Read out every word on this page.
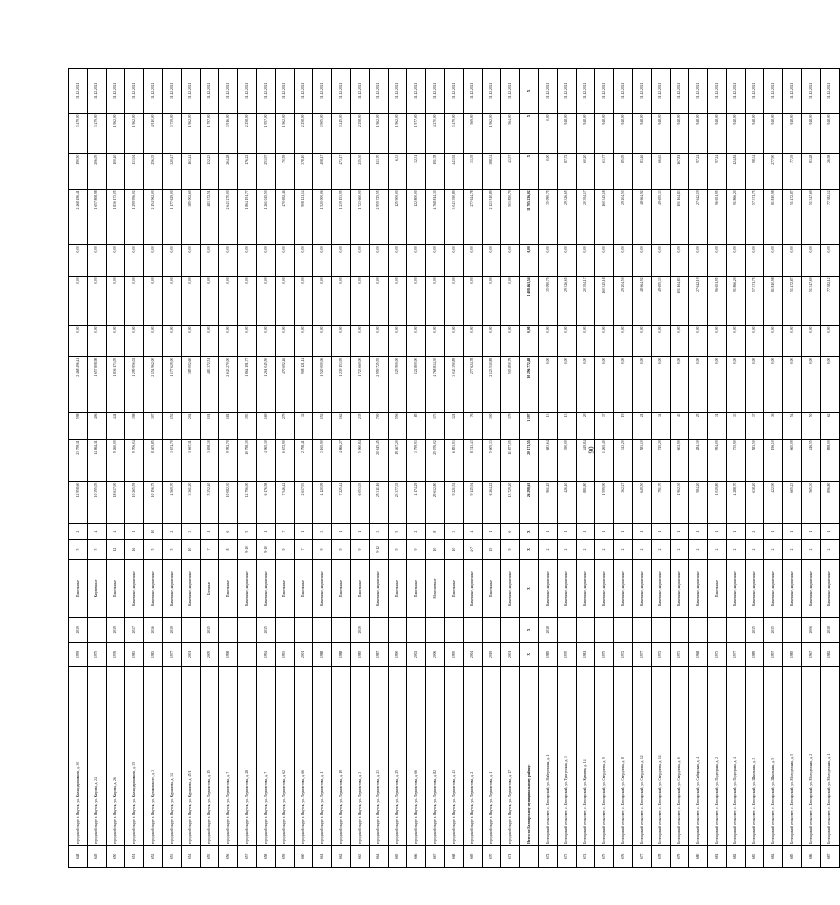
648	городской округ г. Якутск, ул. Каландаришвили, д. 30	1959	2019	Панельные	5	2	12 958,60	23 799,11	598	2 468 496,41	0,00	0,00	0,00	2 468 496,41	190,50	3 479,00	31.12.2021
649	городской округ г. Якутск, ул. Кирова, д. 24	1975		Кирпичные	5	4	10 395,05	14 864,11	406	1 657 808,98	0,00	0,00	0,00	1 657 808,98	206,05	3 479,00	31.12.2021
650	городской округ г. Якутск, ул. Кирова, д. 26	1976	2019	Панельные	12	4	18 617,00	9 260,00	441	1 836 173,05	0,00	0,00	0,00	1 836 173,05	100,40	1 962,00	31.12.2021
651	городской округ г. Якутск, ул. Каландаришвили, д. 35	1983	2017	Каменные, кирпичные	16	1	10 265,59	9 706,04	398	1 299 956,02	0,00	0,00	0,00	1 299 956,02	133,94	1 962,00	31.12.2021
652	городской округ г. Якутск, ул. Кулаковского, д. 3	1983	2016	Каменные, кирпичные	5	10	10 156,75	8 405,85	307	2 154 962,00	0,00	0,00	0,00	2 154 962,00	256,35	4 910,00	31.12.2021
653	городской округ г. Якутск, ул. Курашова, д. 34	1977	2019	Каменные, кирпичные	5	2	4 569,70	3 674,70	152	1 177 629,00	0,00	0,00	0,00	1 177 629,00	320,47	3 739,00	31.12.2021
654	городской округ г. Якутск, ул. Курашова, д. 45/1	2001		Каменные, кирпичные	10	3	3 361,20	1 667,11	204	385 002,60	0,00	0,00	0,00	385 002,60	163,44	1 962,00	31.12.2021
655	городской округ г. Якутск, ул. Лермонтова, д. 15	2005	2015	Блочные	7	1	5 352,40	3 658,30	101	483 372,51	0,00	0,00	0,00	483 372,51	132,23	1 797,00	31.12.2021
656	городской округ г. Якутск, ул. Лермонтова, д. 7	1998		Панельные	8	6	10 082,30	9 992,70	181	2 643 270,00	0,00	0,00	0,00	2 643 270,00	264,28	3 916,00	31.12.2021
657	городской округ г. Якутск, ул. Лермонтова, д. 28			Каменные, кирпичные	9-10	5	12 796,00	10 798,30	393	1 864 191,77	0,00	0,00	0,00	1 864 191,77	176,22	2 258,00	31.12.2021
658	городской округ г. Якутск, ул. Лермонтова, д. 7	1994	2015	Каменные, кирпичные	9-10	1	6 176,58	4 965,30	169	1 261 045,50	0,00	0,00	0,00	1 261 045,50	253,97	1 957,00	31.12.2021
659	городской округ г. Якутск, ул. Лермонтова, д. 62	1993		Панельные	9	7	7 546,42	6 672,90	279	470 692,46	0,00	0,00	0,00	470 692,46	70,59	1 962,00	31.12.2021
660	городской округ г. Якутск, ул. Лермонтова, д. 66	2001		Панельные	7	1	2 617,93	2 798,41	32	908 121,14	0,00	0,00	0,00	908 121,14	378,10	2 258,00	31.12.2021
661	городской округ г. Якутск, ул. Лермонтова, д. 1	1988		Каменные, кирпичные	9	3	4 120,99	3 165,90	152	1 520 000,06	0,00	0,00	0,00	1 520 000,06	408,17	3 905,00	31.12.2021
662	городской округ г. Якутск, ул. Лермонтова, д. 19	1988		Панельные	9	1	7 225,44	4 866,27	162	1 239 153,95	0,00	0,00	0,00	1 239 153,95	473,17	3 245,00	31.12.2021
663	городской округ г. Якутск, ул. Лермонтова, д. 3	1985	2019	Панельные	9	1	6 053,03	5 060,84	235	1 723 660,00	0,00	0,00	0,00	1 723 660,00	215,30	2 258,00	31.12.2021
664	городской округ г. Якутск, ул. Лермонтова, д. 23	1987		Каменные, кирпичные	5-12	3	25 311,16	20 615,45	700	2 959 725,55	0,00	0,00	0,00	2 959 725,55	113,70	1 962,00	31.12.2021
665	городской округ г. Якутск, ул. Лермонтова, д. 25	1990		Панельные	9	5	23 377,35	19 467,20	556	125 900,00	0,00	0,00	0,00	125 900,00	6,33	1 962,00	31.12.2021
666	городской округ г. Якутск, ул. Лермонтова, д. 66	2002		Панельные	9	2	4 174,29	3 799,93	85	122 800,00	0,00	0,00	0,00	122 800,00	32,31	1 977,00	31.12.2021
667	городской округ г. Якутск, ул. Лермонтова, д. 82	2006		Монолитные	10	8	29 612,80	25 076,02	373	4 768 814,30	0,00	0,00	0,00	4 768 814,30	191,78	4 270,00	31.12.2021
668	городской округ г. Якутск, ул. Лермонтова, д. 43	1995		Панельные	10	3	9 221,52	6 853,93	321	3 043 390,89	0,00	0,00	0,00	3 043 390,89	443,92	3 479,00	31.12.2021
669	городской округ г. Якутск, ул. Лермонтова, д. 2	2004		Каменные, кирпичные	4-7	4	9 145,94	8 313,43	76	277 624,78	0,00	0,00	0,00	277 624,78	33,39	569,00	31.12.2021
670	городской округ г. Якутск, ул. Лермонтова, д. 1	2019		Панельные	15	1	6 264,22	5 605,33	300	2 123 510,89	0,00	0,00	0,00	2 123 510,89	388,34	1 962,00	31.12.2021
671	городской округ г. Якутск, ул. Лермонтова, д. 17	2001		Каменные, кирпичные	9	6	13 729,20	11 877,05	379	503 850,79	0,00	0,00	0,00	503 850,79	43,57	564,00	31.12.2021
	Итого по Белоярскому муниципальному району:	X	X	X	X	X	26 298,63	20 171,55	1 197	10 296 772,48	0,00	1 408 463,54	0,00	11 705 236,02	X	X	X
672	Белоярский сельсовет, с. Белоярский, ул. Набережная, д. 1	1985	2018	Каменные, кирпичные	2	1	961,45	683,64	13	0,00	0,00	35 090,75	0,00	35 090,75	0,00	0,00	31.12.2021
673	Белоярский сельсовет, с. Белоярский, ул. Тунгусская, д. 3	1970		Каменные, кирпичные	2	1	426,40	390,00	13	0,00	0,00	29 326,65	0,00	29 326,65	87,72	948,00	31.12.2021
674	Белоярский сельсовет, с. Белоярский, ул. Куваева, д. 14	1981		Каменные, кирпичные	2	1	881,80	449,84	20	0,00	0,00	20 394,17	0,00	20 394,17	60,20	948,00	31.12.2021
675	Белоярский сельсовет, с. Белоярский, ул. Свердлова, д. 9	1975		Каменные, кирпичные	2	1	1 599,90	1 265,40	37	0,00	0,00	160 345,18	0,00	160 345,18	63,77	948,00	31.12.2021
676	Белоярский сельсовет, с. Белоярский, ул. Свердлова, д. 8	1972		Каменные, кирпичные	2	1	362,27	343,20	19	0,00	0,00	29 204,50	0,00	29 204,50	85,05	948,00	31.12.2021
677	Белоярский сельсовет, с. Белоярский, ул. Свердлова, д. 12	1977		Каменные, кирпичные	2	1	649,50	583,10	21	0,00	0,00	48 664,92	0,00	48 664,92	83,46	948,00	31.12.2021
678	Белоярский сельсовет, с. Белоярский, ул. Свердлова, д. 14	1972		Каменные, кирпичные	2	1	791,70	745,20	34	0,00	0,00	49 655,33	0,00	49 655,33	66,63	948,00	31.12.2021
679	Белоярский сельсовет, с. Белоярский, ул. Свердлова, д. 6	1973		Каменные, кирпичные	2	1	1 962,30	602,90	43	0,00	0,00	101 164,83	0,00	101 164,83	167,81	948,00	31.12.2021
680	Белоярский сельсовет, с. Белоярский, ул. Сибирская, д. 4	1968		Каменные, кирпичные	2	1	584,20	284,30	25	0,00	0,00	27 642,19	0,00	27 642,19	97,24	948,00	31.12.2021
681	Белоярский сельсовет, с. Белоярский, ул. Подгорная, д. 2	1973		Панельные	2	1	1 019,80	994,00	31	0,00	0,00	96 651,95	0,00	96 651,95	97,24	948,00	31.12.2021
682	Белоярский сельсовет, с. Белоярский, ул. Подгорная, д. 4	1977		Каменные, кирпичные	2	1	4 288,70	735,90	33	0,00	0,00	91 866,20	0,00	91 866,20	124,84	948,00	31.12.2021
683	Белоярский сельсовет, с. Белоярский, ул. Школьная, д. 3	1989	2015	Каменные, кирпичные	2	2	638,20	583,50	37	0,00	0,00	57 371,75	0,00	57 371,75	98,34	948,00	31.12.2021
684	Белоярский сельсовет, с. Белоярский, ул. Школьная, д. 5	1997	2015	Каменные, кирпичные	2	1	422,90	196,10	36	0,00	0,00	81 810,98	0,00	81 810,98	277,90	948,00	31.12.2021
685	Белоярский сельсовет, с. Белоярский, ул. Молодежная, д. 5	1985		Каменные, кирпичные	2	1	665,23	665,09	54	0,00	0,00	51 472,87	0,00	51 472,87	77,39	948,00	31.12.2021
686	Белоярский сельсовет, с. Белоярский, ул. Молодежная, д. 2	1967	2006	Каменные, кирпичные	2	1	565,30	416,55	50	0,00	0,00	51 347,69	0,00	51 347,69	83,28	948,00	31.12.2021
687	Белоярский сельсовет, с. Белоярский, ул. Молодежная, д. 1	1982	2018	Каменные, кирпичные	2	1	896,80	898,00	62	0,00	0,00	77 382,12	0,00	77 382,12	26,58	948,00	31.12.2021
90
